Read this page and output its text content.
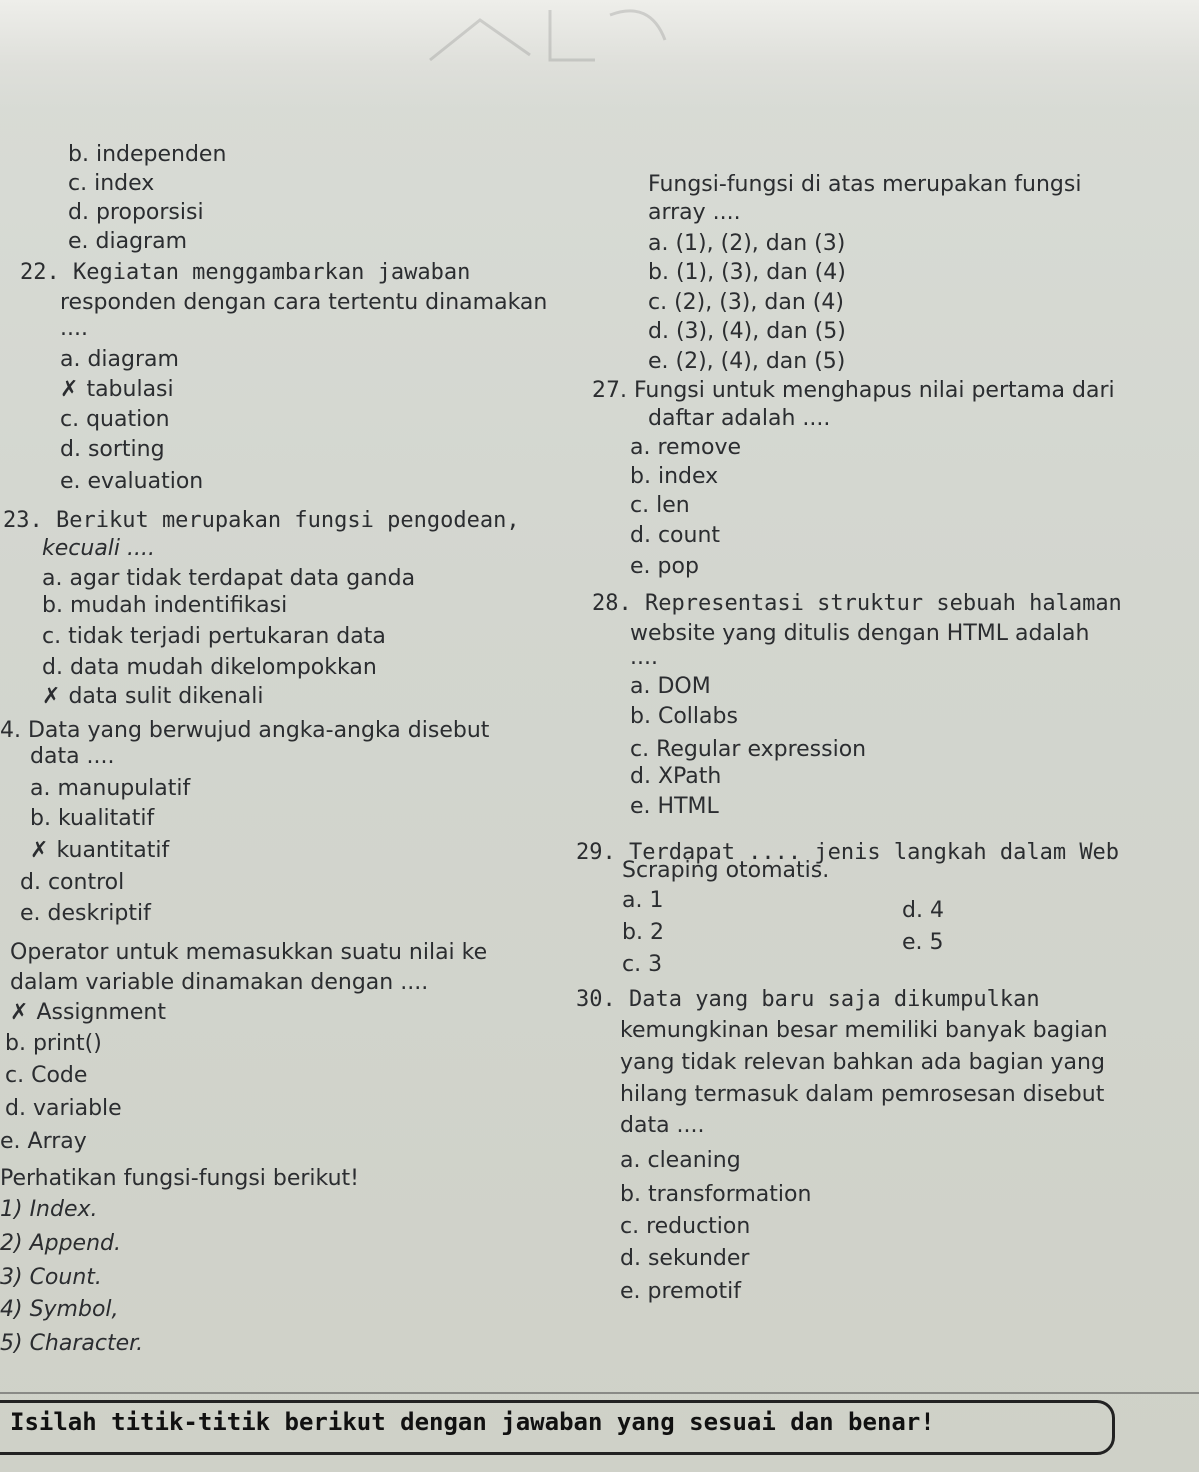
b. independen
c. index
d. proporsisi
e. diagram
22. Kegiatan menggambarkan jawaban
responden dengan cara tertentu dinamakan
....
a. diagram
✗ tabulasi
c. quation
d. sorting
e. evaluation
23. Berikut merupakan fungsi pengodean,
kecuali ....
a. agar tidak terdapat data ganda
b. mudah indentifikasi
c. tidak terjadi pertukaran data
d. data mudah dikelompokkan
✗ data sulit dikenali
4. Data yang berwujud angka-angka disebut
data ....
a. manupulatif
b. kualitatif
✗ kuantitatif
d. control
e. deskriptif
Operator untuk memasukkan suatu nilai ke
dalam variable dinamakan dengan ....
✗ Assignment
b. print()
c. Code
d. variable
e. Array
Perhatikan fungsi-fungsi berikut!
1) Index.
2) Append.
3) Count.
4) Symbol,
5) Character.
Fungsi-fungsi di atas merupakan fungsi
array ....
a. (1), (2), dan (3)
b. (1), (3), dan (4)
c. (2), (3), dan (4)
d. (3), (4), dan (5)
e. (2), (4), dan (5)
27. Fungsi untuk menghapus nilai pertama dari
daftar adalah ....
a. remove
b. index
c. len
d. count
e. pop
28. Representasi struktur sebuah halaman
website yang ditulis dengan HTML adalah
....
a. DOM
b. Collabs
c. Regular expression
d. XPath
e. HTML
29. Terdapat .... jenis langkah dalam Web
Scraping otomatis.
a. 1
b. 2
c. 3
d. 4
e. 5
30. Data yang baru saja dikumpulkan
kemungkinan besar memiliki banyak bagian
yang tidak relevan bahkan ada bagian yang
hilang termasuk dalam pemrosesan disebut
data ....
a. cleaning
b. transformation
c. reduction
d. sekunder
e. premotif
Isilah titik-titik berikut dengan jawaban yang sesuai dan benar!
